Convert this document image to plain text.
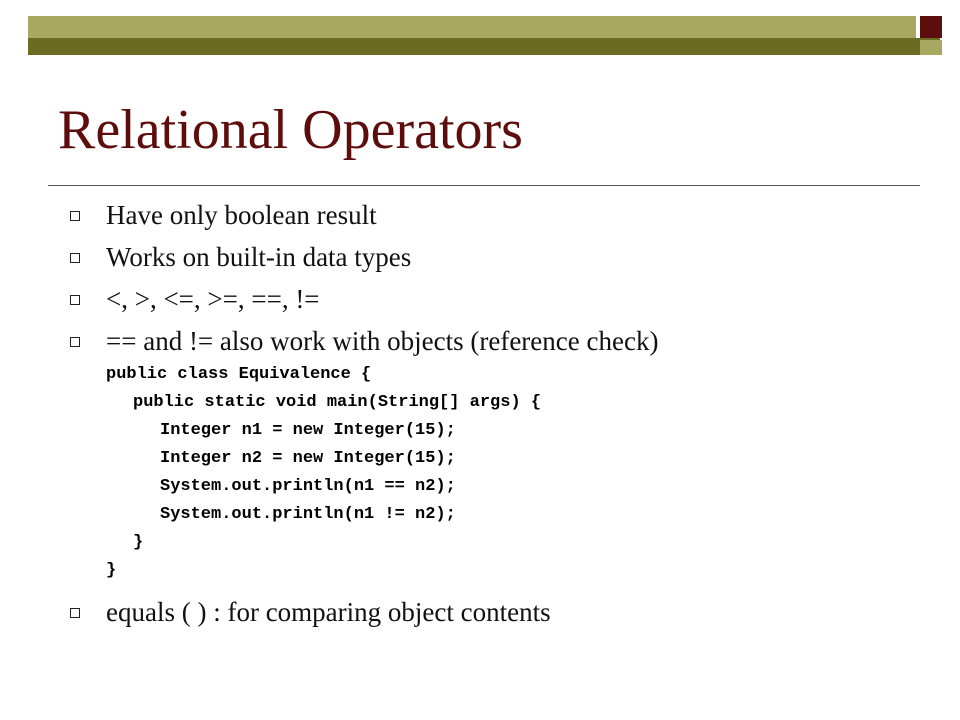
Relational Operators
Have only boolean result
Works on built-in data types
<, >, <=, >=, ==, !=
== and != also work with objects (reference check)
public class Equivalence {
public static void main(String[] args) {
Integer n1 = new Integer(15);
Integer n2 = new Integer(15);
System.out.println(n1 == n2);
System.out.println(n1 != n2);
}
}
equals ( ) : for comparing object contents
